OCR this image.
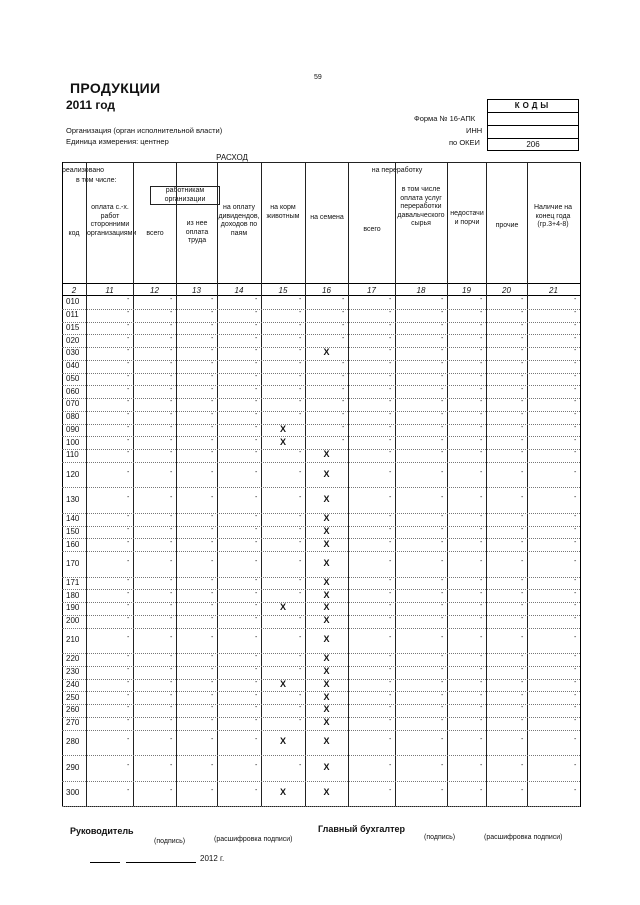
59
ПРОДУКЦИИ
2011 год
Организация (орган исполнительной власти)
Единица измерения: центнер
Форма № 16-АПК
ИНН
по ОКЕИ
КОДЫ
206
РАСХОД
реализовано
в том числе:
на переработку
работникам организации
код
оплата с.-х. работ сторонними организациями	всего
из нее оплата труда
на оплату дивидендов, доходов по паям
на корм животным	на семена
всего
в том числе оплата услуг переработки давальческого сырья
недостачи и порчи	прочие
Наличие на конец года (гр.3+4-8)
2	11	12	13	14	15	16	17	18	19	20	21
010	-	-	-	-	-	-	-	-	-	-	-
011	-	-	-	-	-	-	-	-	-	-	-
015	-	-	-	-	-	-	-	-	-	-	-
020	-	-	-	-	-	-	-	-	-	-	-
030	-	-	-	-	- X	-	-	-	-	-
040	-	-	-	-	-	-	-	-	-	-	-
050	-	-	-	-	-	-	-	-	-	-	-
060	-	-	-	-	-	-	-	-	-	-	-
070	-	-	-	-	-	-	-	-	-	-	-
080	-	-	-	-	-	-	-	-	-	-	-
090	-	-	-	-	X	-	-	-	-	-	-
100	-	-	-	-	X	-	-	-	-	-	-
110	-	-	-	-	- X	-	-	-	-	-
120	-	-	-	-	- X	-	-	-	-	-
130	-	-	-	-	- X	-	-	-	-	-
140	-	-	-	-	- X	-	-	-	-	-
150	-	-	-	-	- X	-	-	-	-	-
160	-	-	-	-	- X	-	-	-	-	-
170	-	-	-	-	- X	-	-	-	-	-
171	-	-	-	-	- X	-	-	-	-	-
180	-	-	-	-	- X	-	-	-	-	-
190	-	-	-	-	X	X	-	-	-	-	-
200	-	-	-	-	- X	-	-	-	-	-
210	-	-	-	-	- X	-	-	-	-	-
220	-	-	-	-	- X	-	-	-	-	-
230	-	-	-	-	- X	-	-	-	-	-
240	-	-	-	-	X	X	-	-	-	-	-
250	-	-	-	-	- X	-	-	-	-	-
260	-	-	-	-	- X	-	-	-	-	-
270	-	-	-	-	- X	-	-	-	-	-
280	-	-	-	-	X	X	-	-	-	-	-
290	-	-	-	-	- X	-	-	-	-	-
300	-	-	-	-	X	X	-	-	-	-	-
Руководитель
(подпись)	(расшифровка подписи)
Главный бухгалтер
(подпись)	(расшифровка подписи)
2012 г.
